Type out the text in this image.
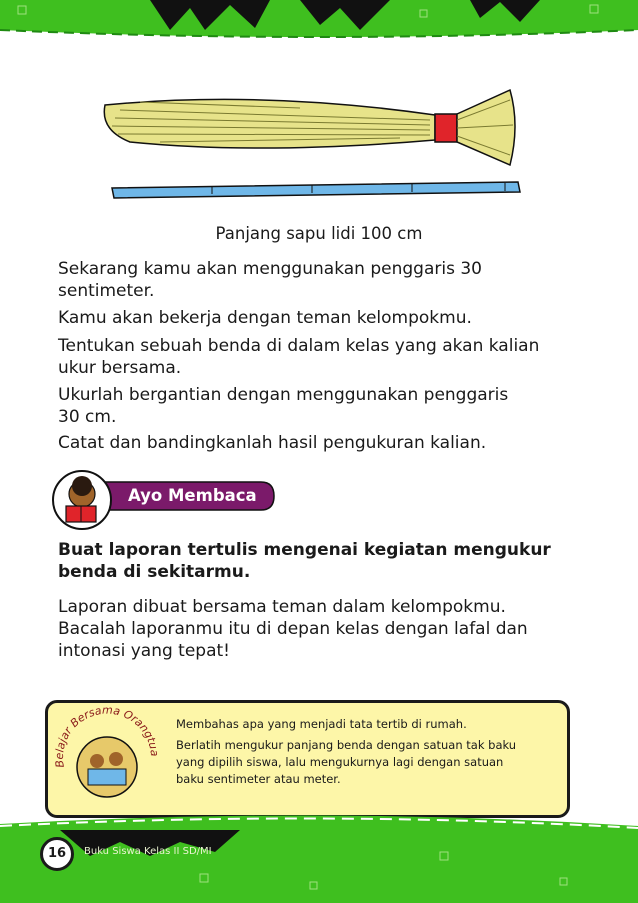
Panjang sapu lidi 100 cm
Sekarang kamu akan menggunakan penggaris 30
sentimeter.
Kamu akan bekerja dengan teman kelompokmu.
Tentukan sebuah benda di dalam kelas yang akan kalian
ukur bersama.
Ukurlah bergantian dengan menggunakan penggaris
30 cm.
Catat dan bandingkanlah hasil pengukuran kalian.
Ayo Membaca
Buat laporan tertulis mengenai kegiatan mengukur
benda di sekitarmu.
Laporan dibuat bersama teman dalam kelompokmu.
Bacalah laporanmu itu di depan kelas dengan lafal dan
intonasi yang tepat!
Belajar Bersama Orangtua
Membahas apa yang menjadi tata tertib di rumah.
Berlatih mengukur panjang benda dengan satuan tak baku
yang dipilih siswa, lalu mengukurnya lagi dengan satuan
baku sentimeter atau meter.
16	Buku Siswa Kelas II SD/MI
